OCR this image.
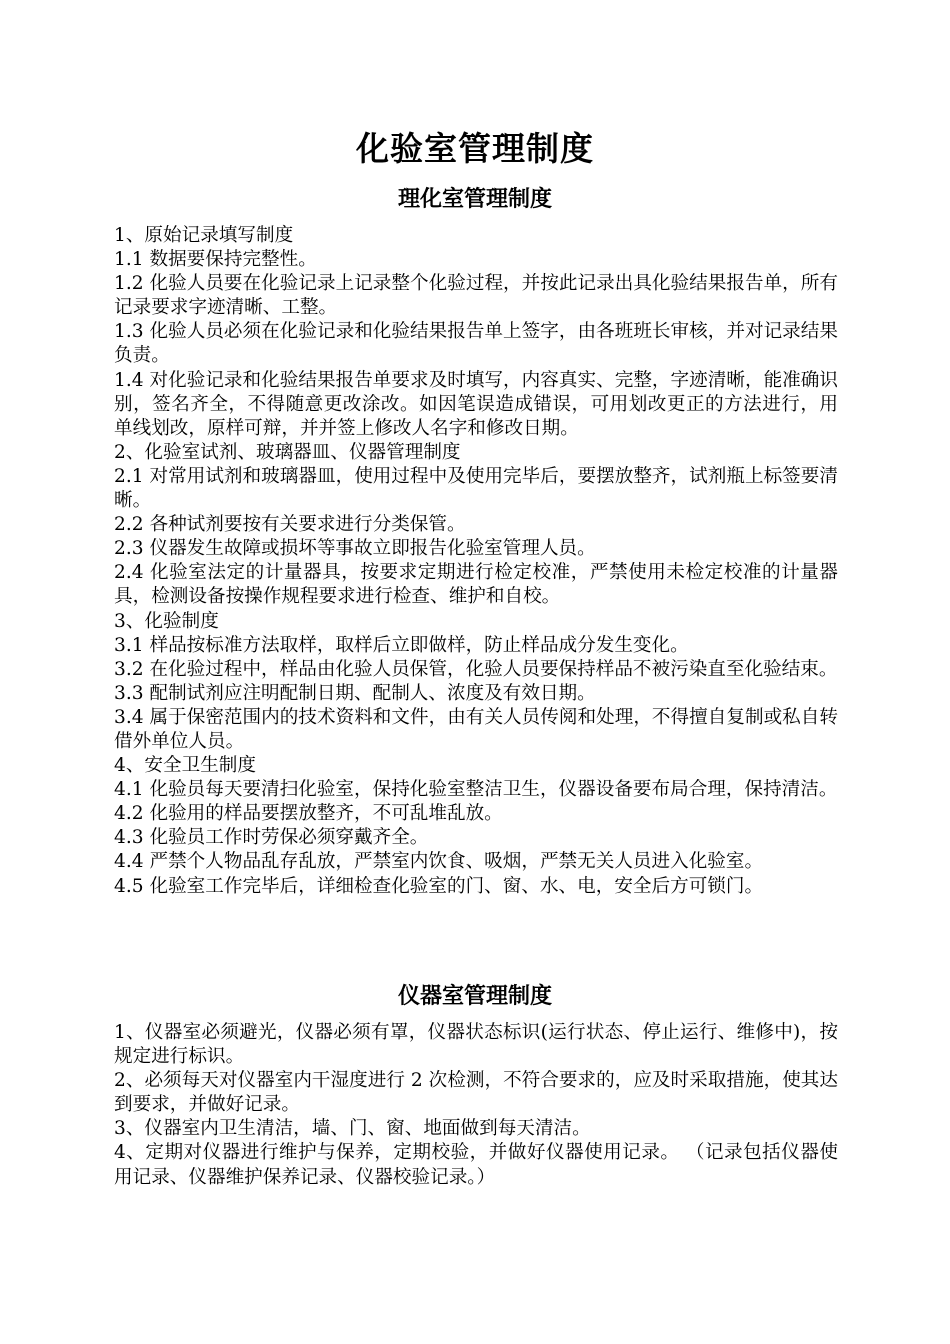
化验室管理制度
理化室管理制度

1、原始记录填写制度

1.1 数据要保持完整性。

1.2 化验人员要在化验记录上记录整个化验过程，并按此记录出具化验结果报告单，所有记录要求字迹清晰、工整。

1.3 化验人员必须在化验记录和化验结果报告单上签字，由各班班长审核，并对记录结果负责。

1.4 对化验记录和化验结果报告单要求及时填写，内容真实、完整，字迹清晰，能准确识别，签名齐全，不得随意更改涂改。如因笔误造成错误，可用划改更正的方法进行，用单线划改，原样可辩，并并签上修改人名字和修改日期。

2、化验室试剂、玻璃器皿、仪器管理制度

2.1 对常用试剂和玻璃器皿，使用过程中及使用完毕后，要摆放整齐，试剂瓶上标签要清晰。

2.2 各种试剂要按有关要求进行分类保管。

2.3 仪器发生故障或损坏等事故立即报告化验室管理人员。

2.4 化验室法定的计量器具，按要求定期进行检定校准，严禁使用未检定校准的计量器具，检测设备按操作规程要求进行检查、维护和自校。

3、化验制度

3.1 样品按标准方法取样，取样后立即做样，防止样品成分发生变化。

3.2 在化验过程中，样品由化验人员保管，化验人员要保持样品不被污染直至化验结束。

3.3 配制试剂应注明配制日期、配制人、浓度及有效日期。

3.4 属于保密范围内的技术资料和文件，由有关人员传阅和处理，不得擅自复制或私自转借外单位人员。

4、安全卫生制度

4.1 化验员每天要清扫化验室，保持化验室整洁卫生，仪器设备要布局合理，保持清洁。

4.2 化验用的样品要摆放整齐，不可乱堆乱放。

4.3 化验员工作时劳保必须穿戴齐全。

4.4 严禁个人物品乱存乱放，严禁室内饮食、吸烟，严禁无关人员进入化验室。

4.5 化验室工作完毕后，详细检查化验室的门、窗、水、电，安全后方可锁门。

仪器室管理制度

1、仪器室必须避光，仪器必须有罩，仪器状态标识(运行状态、停止运行、维修中)，按规定进行标识。

2、必须每天对仪器室内干湿度进行 2 次检测，不符合要求的，应及时采取措施，使其达到要求，并做好记录。

3、仪器室内卫生清洁，墙、门、窗、地面做到每天清洁。

4、定期对仪器进行维护与保养，定期校验，并做好仪器使用记录。 （记录包括仪器使用记录、仪器维护保养记录、仪器校验记录。）
